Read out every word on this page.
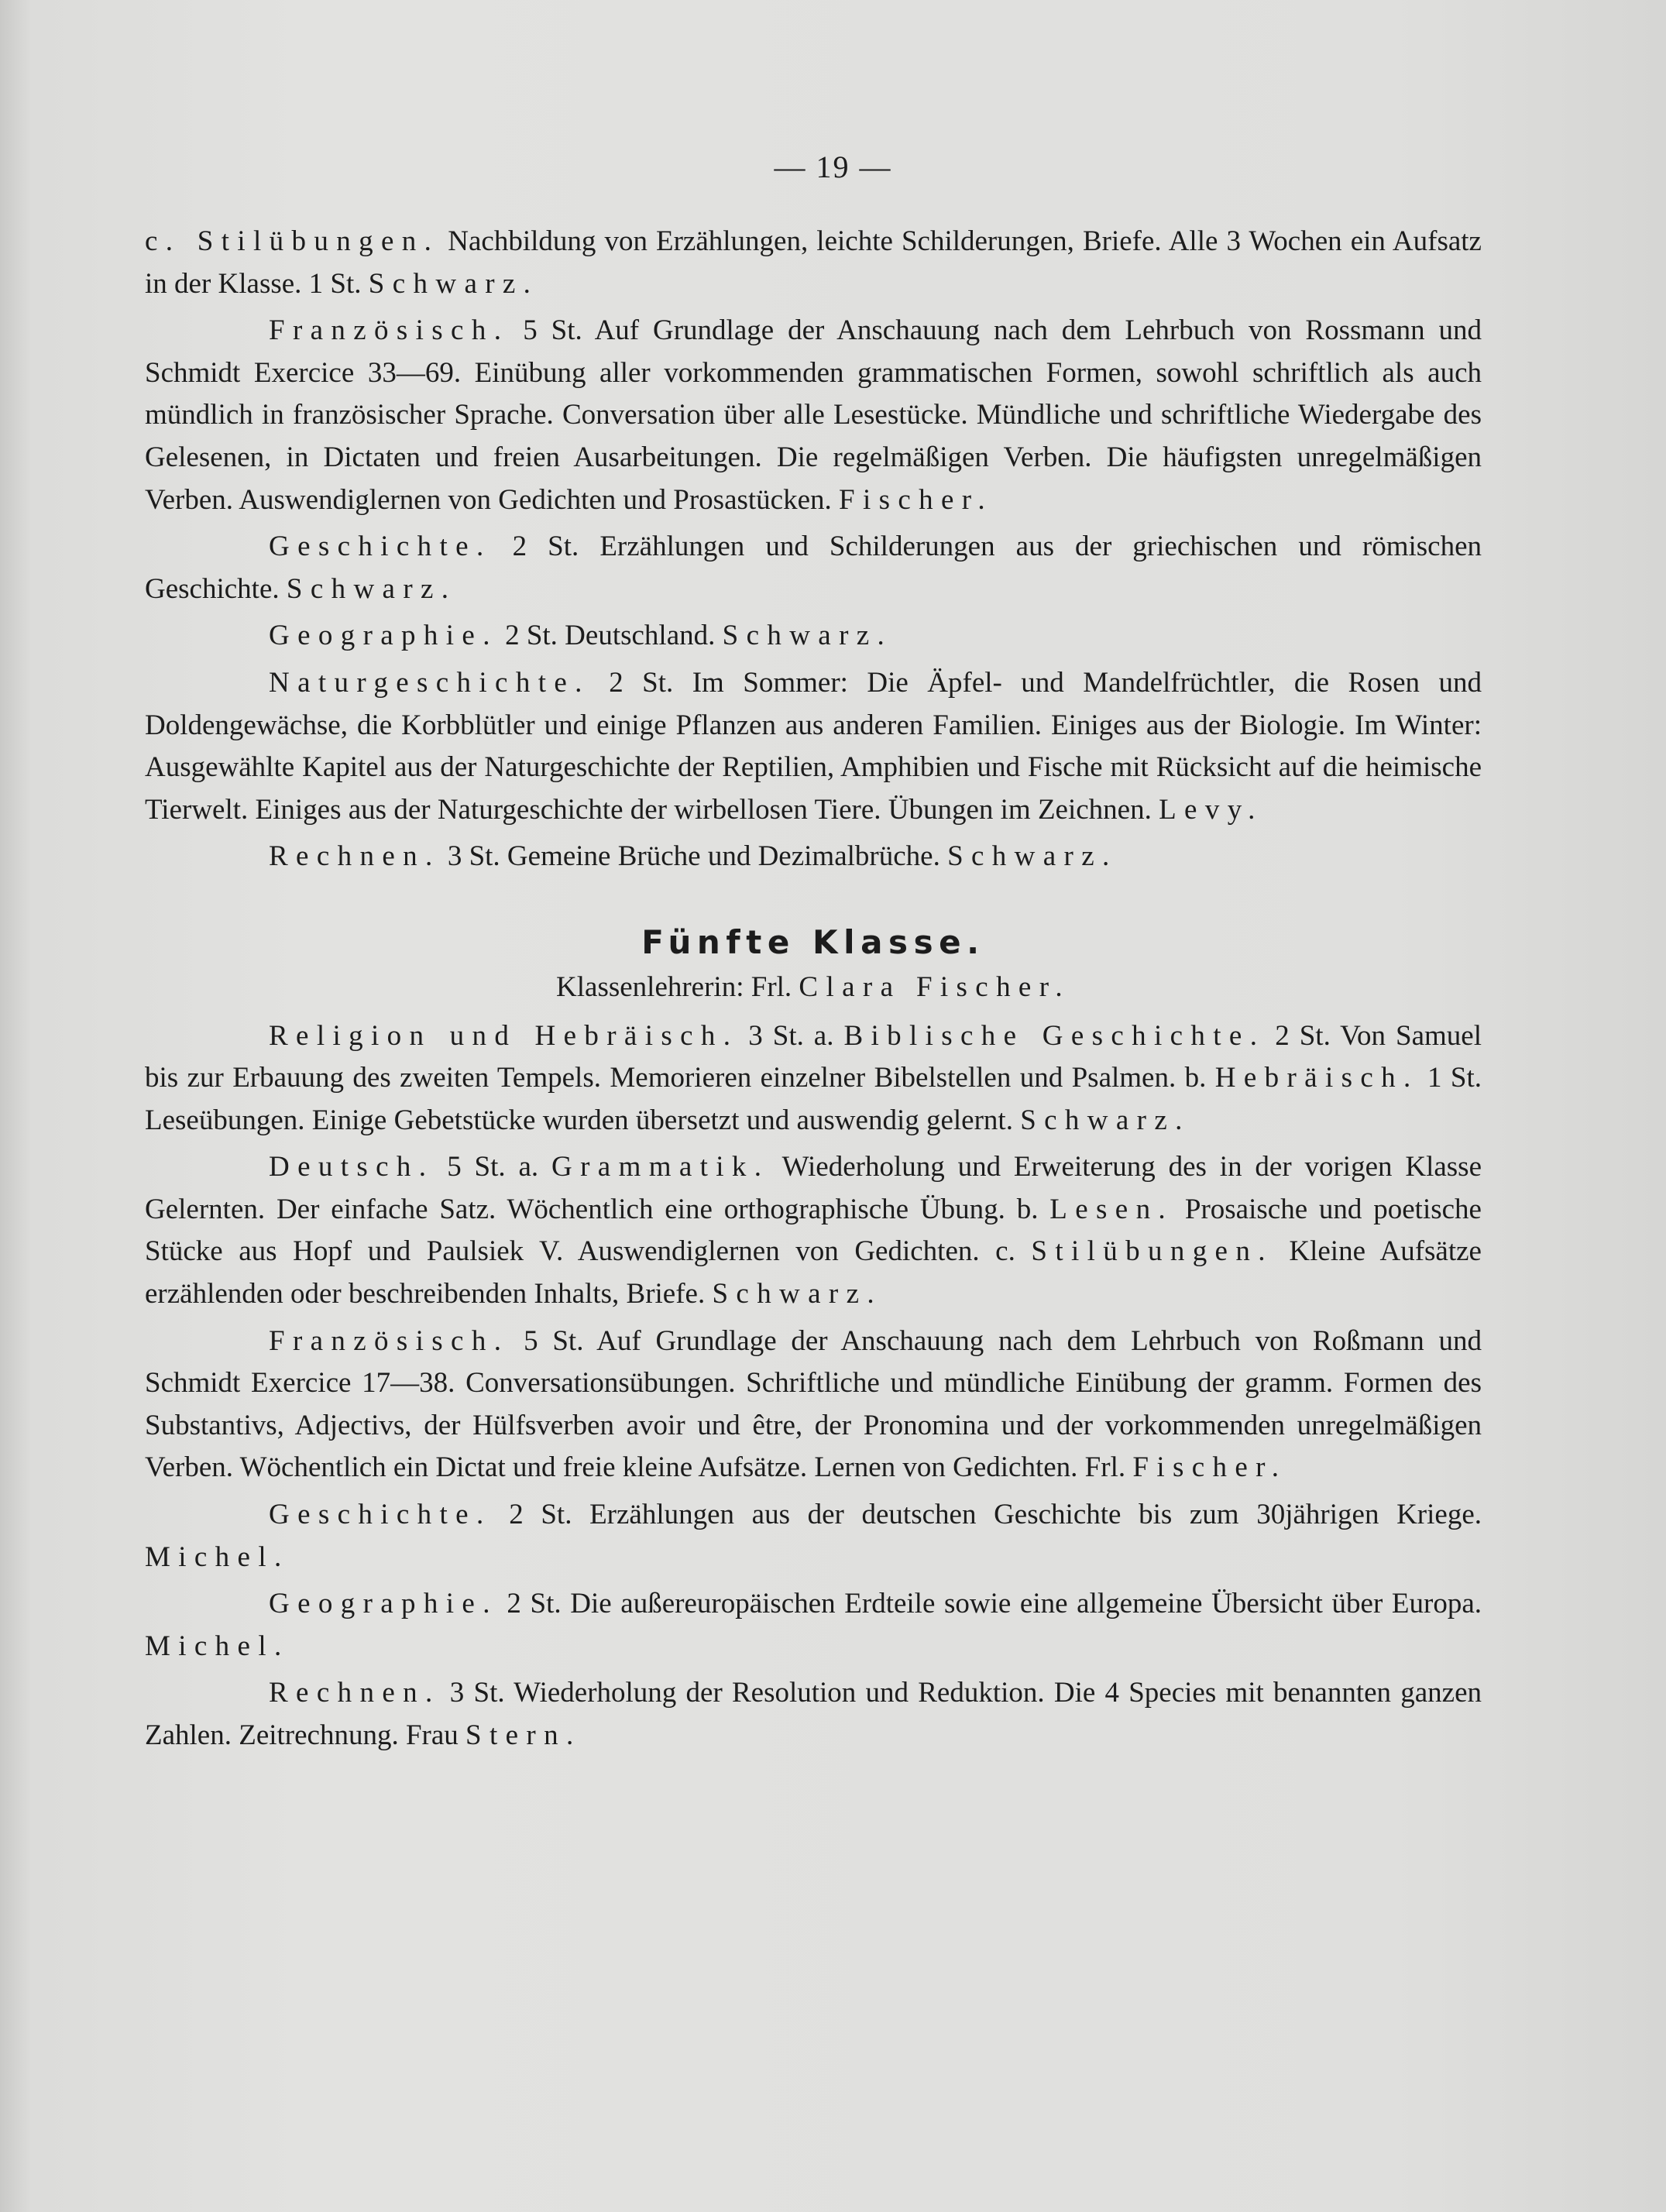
— 19 —

c. Stilübungen. Nachbildung von Erzählungen, leichte Schilderungen, Briefe. Alle 3 Wochen ein Aufsatz in der Klasse. 1 St. Schwarz.

Französisch. 5 St. Auf Grundlage der Anschauung nach dem Lehrbuch von Rossmann und Schmidt Exercice 33—69. Einübung aller vorkommenden grammatischen Formen, sowohl schriftlich als auch mündlich in französischer Sprache. Conversation über alle Lesestücke. Mündliche und schriftliche Wiedergabe des Gelesenen, in Dictaten und freien Ausarbeitungen. Die regelmäßigen Verben. Die häufigsten unregelmäßigen Verben. Auswendiglernen von Gedichten und Prosastücken. Fischer.

Geschichte. 2 St. Erzählungen und Schilderungen aus der griechischen und römischen Geschichte. Schwarz.

Geographie. 2 St. Deutschland. Schwarz.

Naturgeschichte. 2 St. Im Sommer: Die Äpfel- und Mandelfrüchtler, die Rosen und Doldengewächse, die Korbblütler und einige Pflanzen aus anderen Familien. Einiges aus der Biologie. Im Winter: Ausgewählte Kapitel aus der Naturgeschichte der Reptilien, Amphibien und Fische mit Rücksicht auf die heimische Tierwelt. Einiges aus der Naturgeschichte der wirbellosen Tiere. Übungen im Zeichnen. Levy.

Rechnen. 3 St. Gemeine Brüche und Dezimalbrüche. Schwarz.

Fünfte Klasse.
Klassenlehrerin: Frl. Clara Fischer.

Religion und Hebräisch. 3 St. a. Biblische Geschichte. 2 St. Von Samuel bis zur Erbauung des zweiten Tempels. Memorieren einzelner Bibelstellen und Psalmen. b. Hebräisch. 1 St. Leseübungen. Einige Gebetstücke wurden übersetzt und auswendig gelernt. Schwarz.

Deutsch. 5 St. a. Grammatik. Wiederholung und Erweiterung des in der vorigen Klasse Gelernten. Der einfache Satz. Wöchentlich eine orthographische Übung. b. Lesen. Prosaische und poetische Stücke aus Hopf und Paulsiek V. Auswendiglernen von Gedichten. c. Stilübungen. Kleine Aufsätze erzählenden oder beschreibenden Inhalts, Briefe. Schwarz.

Französisch. 5 St. Auf Grundlage der Anschauung nach dem Lehrbuch von Roßmann und Schmidt Exercice 17—38. Conversationsübungen. Schriftliche und mündliche Einübung der gramm. Formen des Substantivs, Adjectivs, der Hülfsverben avoir und être, der Pronomina und der vorkommenden unregelmäßigen Verben. Wöchentlich ein Dictat und freie kleine Aufsätze. Lernen von Gedichten. Frl. Fischer.

Geschichte. 2 St. Erzählungen aus der deutschen Geschichte bis zum 30jährigen Kriege. Michel.

Geographie. 2 St. Die außereuropäischen Erdteile sowie eine allgemeine Übersicht über Europa. Michel.

Rechnen. 3 St. Wiederholung der Resolution und Reduktion. Die 4 Species mit benannten ganzen Zahlen. Zeitrechnung. Frau Stern.
